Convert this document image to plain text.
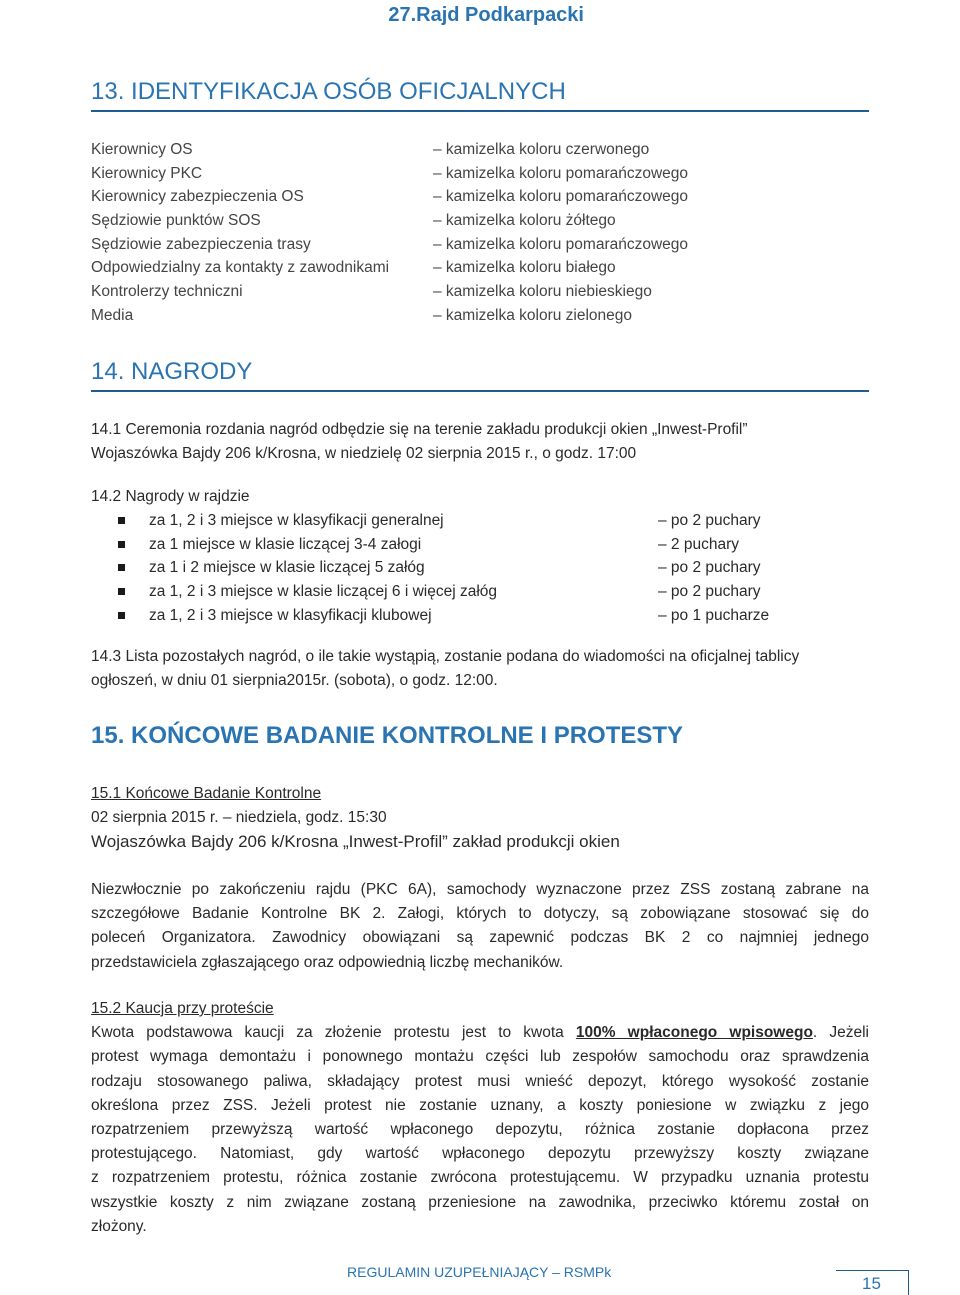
27.Rajd Podkarpacki
13. IDENTYFIKACJA OSÓB OFICJALNYCH
Kierownicy OS	– kamizelka koloru czerwonego
Kierownicy PKC	– kamizelka koloru pomarańczowego
Kierownicy zabezpieczenia OS	– kamizelka koloru pomarańczowego
Sędziowie punktów SOS	– kamizelka koloru żółtego
Sędziowie zabezpieczenia trasy	– kamizelka koloru pomarańczowego
Odpowiedzialny za kontakty z zawodnikami	– kamizelka koloru białego
Kontrolerzy techniczni	– kamizelka koloru niebieskiego
Media	– kamizelka koloru zielonego
14. NAGRODY
14.1 Ceremonia rozdania nagród odbędzie się na terenie zakładu produkcji okien „Inwest-Profil”
Wojaszówka Bajdy 206 k/Krosna, w niedzielę 02 sierpnia 2015 r., o godz. 17:00
14.2 Nagrody w rajdzie
za 1, 2 i 3 miejsce w klasyfikacji generalnej	– po 2 puchary
za 1 miejsce w klasie liczącej 3-4 załogi	– 2 puchary
za 1 i 2 miejsce w klasie liczącej 5 załóg	– po 2 puchary
za 1, 2 i 3 miejsce w klasie liczącej 6 i więcej załóg	– po 2 puchary
za 1, 2 i 3 miejsce w klasyfikacji klubowej	– po 1 pucharze
14.3 Lista pozostałych nagród, o ile takie wystąpią, zostanie podana do wiadomości na oficjalnej tablicy
ogłoszeń, w dniu 01 sierpnia2015r. (sobota), o godz. 12:00.
15. KOŃCOWE BADANIE KONTROLNE I PROTESTY
15.1 Końcowe Badanie Kontrolne
02 sierpnia 2015 r. – niedziela, godz. 15:30
Wojaszówka Bajdy 206 k/Krosna „Inwest-Profil” zakład produkcji okien
Niezwłocznie po zakończeniu rajdu (PKC 6A), samochody wyznaczone przez ZSS zostaną zabrane na
szczegółowe Badanie Kontrolne BK 2. Załogi, których to dotyczy, są zobowiązane stosować się do
poleceń Organizatora. Zawodnicy obowiązani są zapewnić podczas BK 2 co najmniej jednego
przedstawiciela zgłaszającego oraz odpowiednią liczbę mechaników.
15.2 Kaucja przy proteście
Kwota podstawowa kaucji za złożenie protestu jest to kwota 100% wpłaconego wpisowego. Jeżeli
protest wymaga demontażu i ponownego montażu części lub zespołów samochodu oraz sprawdzenia
rodzaju stosowanego paliwa, składający protest musi wnieść depozyt, którego wysokość zostanie
określona przez ZSS. Jeżeli protest nie zostanie uznany, a koszty poniesione w związku z jego
rozpatrzeniem przewyższą wartość wpłaconego depozytu, różnica zostanie dopłacona przez
protestującego. Natomiast, gdy wartość wpłaconego depozytu przewyższy koszty związane
z rozpatrzeniem protestu, różnica zostanie zwrócona protestującemu. W przypadku uznania protestu
wszystkie koszty z nim związane zostaną przeniesione na zawodnika, przeciwko któremu został on
złożony.
REGULAMIN UZUPEŁNIAJĄCY – RSMPk
15
